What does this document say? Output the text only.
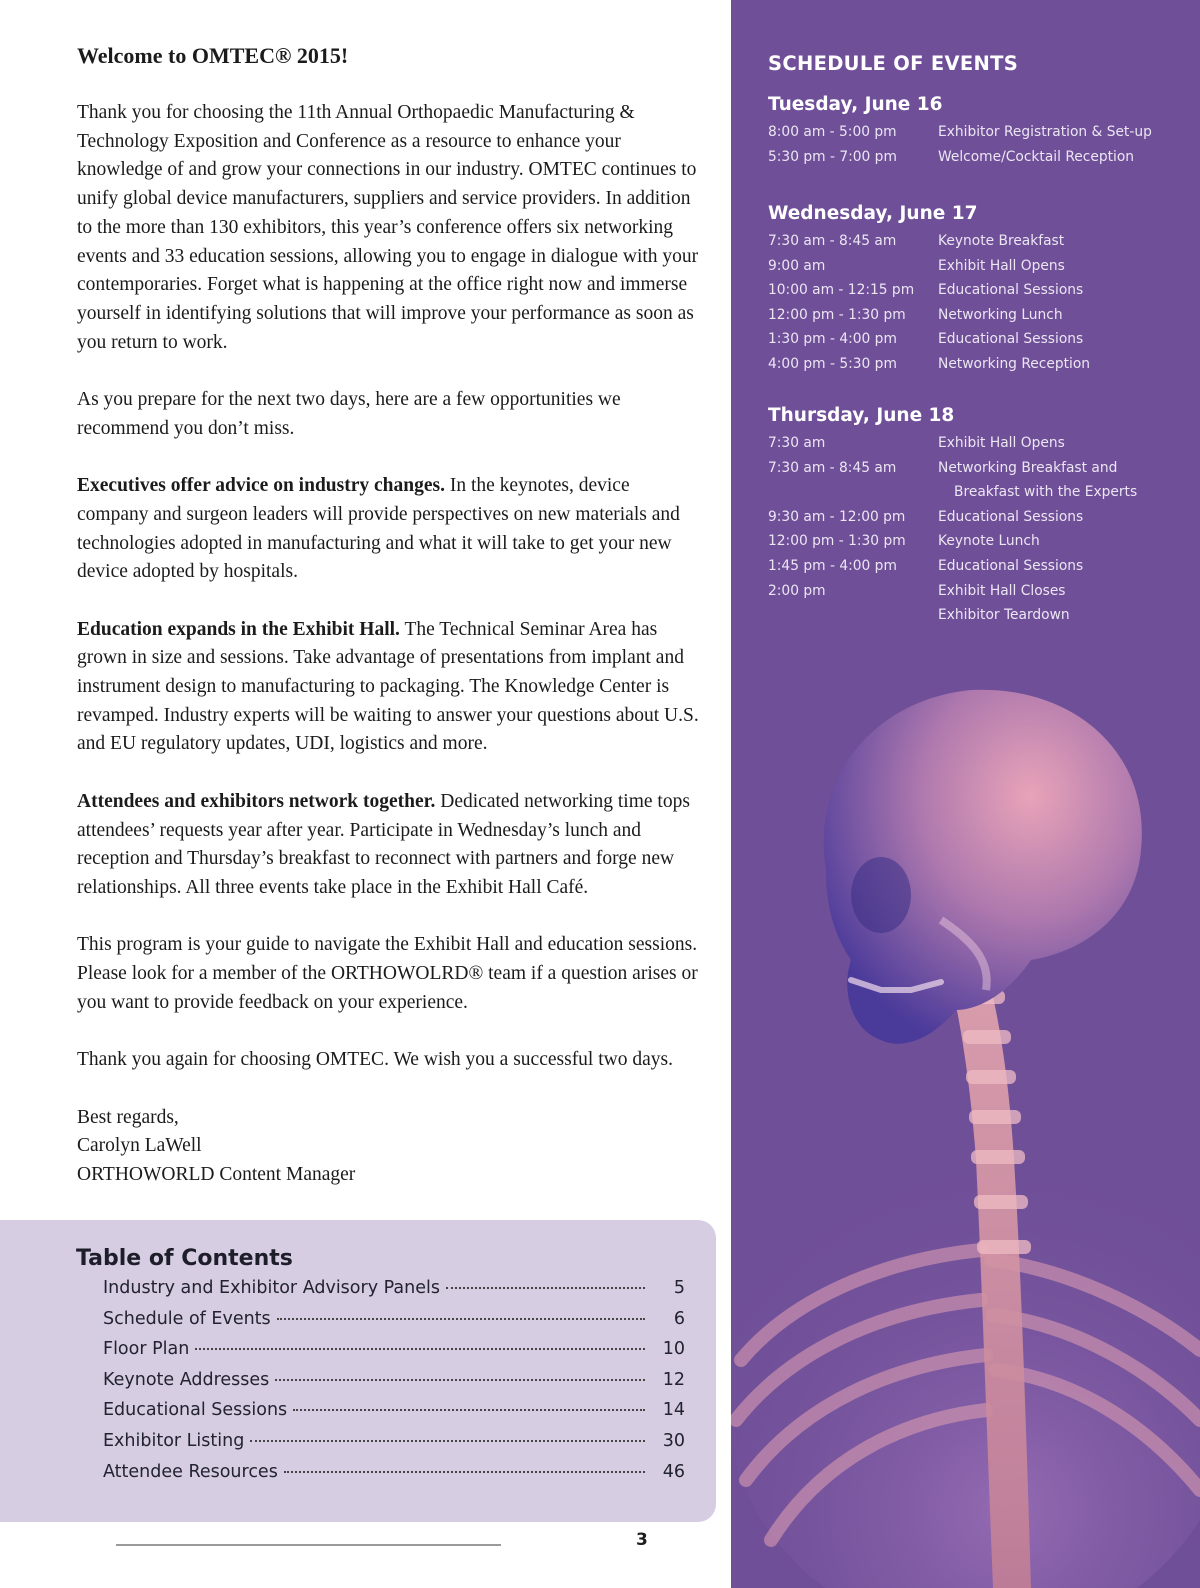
Welcome to OMTEC® 2015!

Thank you for choosing the 11th Annual Orthopaedic Manufacturing & Technology Exposition and Conference as a resource to enhance your knowledge of and grow your connections in our industry. OMTEC continues to unify global device manufacturers, suppliers and service providers. In addition to the more than 130 exhibitors, this year’s conference offers six networking events and 33 education sessions, allowing you to engage in dialogue with your contemporaries. Forget what is happening at the office right now and immerse yourself in identifying solutions that will improve your performance as soon as you return to work.

As you prepare for the next two days, here are a few opportunities we recommend you don’t miss.

Executives offer advice on industry changes. In the keynotes, device company and surgeon leaders will provide perspectives on new materials and technologies adopted in manufacturing and what it will take to get your new device adopted by hospitals.

Education expands in the Exhibit Hall. The Technical Seminar Area has grown in size and sessions. Take advantage of presentations from implant and instrument design to manufacturing to packaging. The Knowledge Center is revamped. Industry experts will be waiting to answer your questions about U.S. and EU regulatory updates, UDI, logistics and more.

Attendees and exhibitors network together. Dedicated networking time tops attendees’ requests year after year. Participate in Wednesday’s lunch and reception and Thursday’s breakfast to reconnect with partners and forge new relationships. All three events take place in the Exhibit Hall Café.

This program is your guide to navigate the Exhibit Hall and education sessions. Please look for a member of the ORTHOWOLRD® team if a question arises or you want to provide feedback on your experience.

Thank you again for choosing OMTEC. We wish you a successful two days.

Best regards,
Carolyn LaWell
ORTHOWORLD Content Manager
Table of Contents
Industry and Exhibitor Advisory Panels	5
Schedule of Events	6
Floor Plan	10
Keynote Addresses	12
Educational Sessions	14
Exhibitor Listing	30
Attendee Resources	46
3
SCHEDULE OF EVENTS
Tuesday, June 16
8:00 am - 5:00 pm	Exhibitor Registration & Set-up
5:30 pm - 7:00 pm	Welcome/Cocktail Reception
Wednesday, June 17
7:30 am - 8:45 am	Keynote Breakfast
9:00 am	Exhibit Hall Opens
10:00 am - 12:15 pm	Educational Sessions
12:00 pm - 1:30 pm	Networking Lunch
1:30 pm - 4:00 pm	Educational Sessions
4:00 pm - 5:30 pm	Networking Reception
Thursday, June 18
7:30 am	Exhibit Hall Opens
7:30 am - 8:45 am	Networking Breakfast and
Breakfast with the Experts
9:30 am - 12:00 pm	Educational Sessions
12:00 pm - 1:30 pm	Keynote Lunch
1:45 pm - 4:00 pm	Educational Sessions
2:00 pm	Exhibit Hall Closes
Exhibitor Teardown
